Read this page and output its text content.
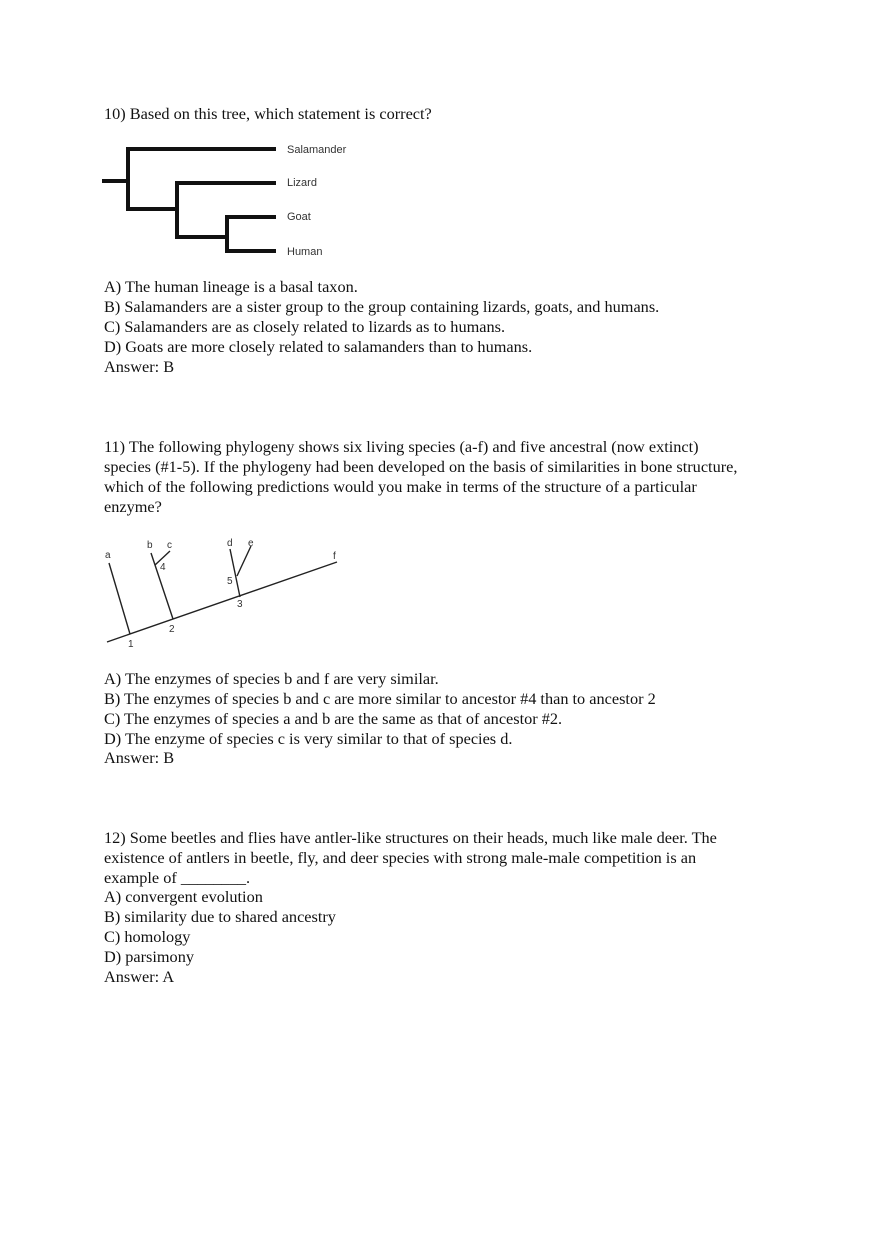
10) Based on this tree, which statement is correct?
Salamander
Lizard
Goat
Human
a
b c	d e
f
1
2
3
4
5
A) The human lineage is a basal taxon.
B) Salamanders are a sister group to the group containing lizards, goats, and humans.
C) Salamanders are as closely related to lizards as to humans.
D) Goats are more closely related to salamanders than to humans.
Answer: B
11) The following phylogeny shows six living species (a-f) and five ancestral (now extinct)
species (#1-5). If the phylogeny had been developed on the basis of similarities in bone structure,
which of the following predictions would you make in terms of the structure of a particular
enzyme?
A) The enzymes of species b and f are very similar.
B) The enzymes of species b and c are more similar to ancestor #4 than to ancestor 2
C) The enzymes of species a and b are the same as that of ancestor #2.
D) The enzyme of species c is very similar to that of species d.
Answer: B
12) Some beetles and flies have antler-like structures on their heads, much like male deer. The
existence of antlers in beetle, fly, and deer species with strong male-male competition is an
example of ________.
A) convergent evolution
B) similarity due to shared ancestry
C) homology
D) parsimony
Answer: A
